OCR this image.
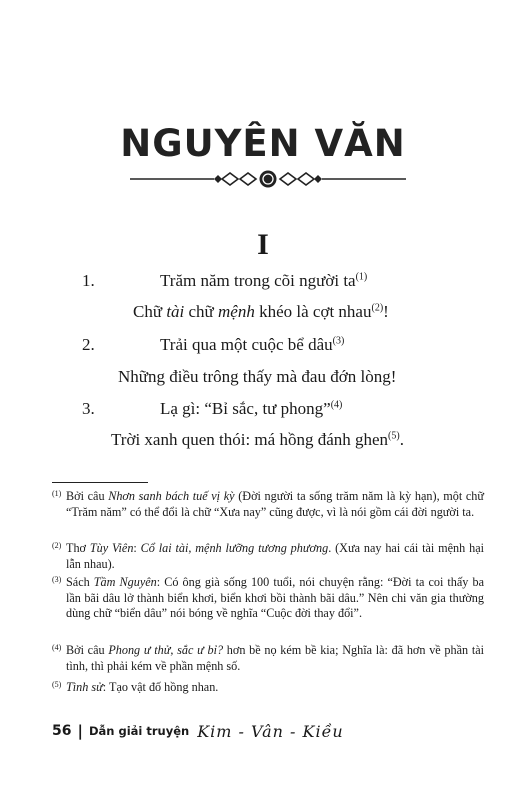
NGUYÊN VĂN
I
1.	Trăm năm trong cõi người $ta^{(1)}$
Chữ tài chữ mệnh khéo là cợt nhau$^{(2)}$!
2.	Trải qua một cuộc bể dâu$^{(3)}$
Những điều trông thấy mà đau đớn lòng!
3.	Lạ gì: “Bỉ sắc, tư phong”$^{(4)}$
Trời xanh quen thói: má hồng đánh ghen$^{(5)}$.
(1) Bởi câu Nhơn sanh bách tuế vị kỳ (Đời người ta sống trăm năm là kỳ hạn), một chữ “Trăm năm” có thể đổi là chữ “Xưa nay” cũng được, vì là nói gồm cái đời người ta.
(2) Thơ Tùy Viên: Cổ lai tài, mệnh lưỡng tương phương. (Xưa nay hai cái tài mệnh hại lẫn nhau).
(3) Sách Tầm Nguyên: Có ông già sống 100 tuổi, nói chuyện rằng: “Đời ta coi thấy ba lần bãi dâu lở thành biển khơi, biển khơi bồi thành bãi dâu.” Nên chi văn gia thường dùng chữ “biển dâu” nói bóng về nghĩa “Cuộc đời thay đổi”.
(4) Bởi câu Phong ư thử, sắc ư bỉ? hơn bề nọ kém bề kia; Nghĩa là: đã hơn về phần tài tình, thì phải kém về phần mệnh số.
(5) Tình sử: Tạo vật đố hồng nhan.
56 | Dẫn giải truyện Kim - Vân - Kiều
